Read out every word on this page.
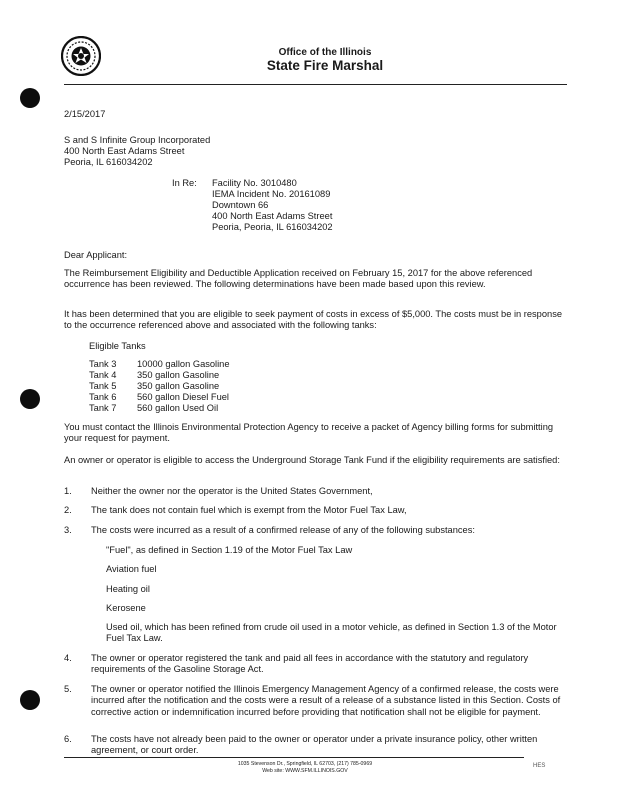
Office of the Illinois
State Fire Marshal
2/15/2017
S and S Infinite Group Incorporated
400 North East Adams Street
Peoria, IL 616034202
In Re: Facility No. 3010480
IEMA Incident No. 20161089
Downtown 66
400 North East Adams Street
Peoria, Peoria, IL 616034202
Dear Applicant:
The Reimbursement Eligibility and Deductible Application received on February 15, 2017 for the above referenced occurrence has been reviewed. The following determinations have been made based upon this review.
It has been determined that you are eligible to seek payment of costs in excess of $5,000. The costs must be in response to the occurrence referenced above and associated with the following tanks:
Eligible Tanks
Tank 3 10000 gallon Gasoline
Tank 4 350 gallon Gasoline
Tank 5 350 gallon Gasoline
Tank 6 560 gallon Diesel Fuel
Tank 7 560 gallon Used Oil
You must contact the Illinois Environmental Protection Agency to receive a packet of Agency billing forms for submitting your request for payment.
An owner or operator is eligible to access the Underground Storage Tank Fund if the eligibility requirements are satisfied:
1. Neither the owner nor the operator is the United States Government,
2. The tank does not contain fuel which is exempt from the Motor Fuel Tax Law,
3. The costs were incurred as a result of a confirmed release of any of the following substances:
"Fuel", as defined in Section 1.19 of the Motor Fuel Tax Law
Aviation fuel
Heating oil
Kerosene
Used oil, which has been refined from crude oil used in a motor vehicle, as defined in Section 1.3 of the Motor Fuel Tax Law.
4. The owner or operator registered the tank and paid all fees in accordance with the statutory and regulatory requirements of the Gasoline Storage Act.
5. The owner or operator notified the Illinois Emergency Management Agency of a confirmed release, the costs were incurred after the notification and the costs were a result of a release of a substance listed in this Section. Costs of corrective action or indemnification incurred before providing that notification shall not be eligible for payment.
6. The costs have not already been paid to the owner or operator under a private insurance policy, other written agreement, or court order.
1035 Stevenson Dr., Springfield, IL 62703, (217) 785-0969
Web site: WWW.SFM.ILLINOIS.GOV
HES
